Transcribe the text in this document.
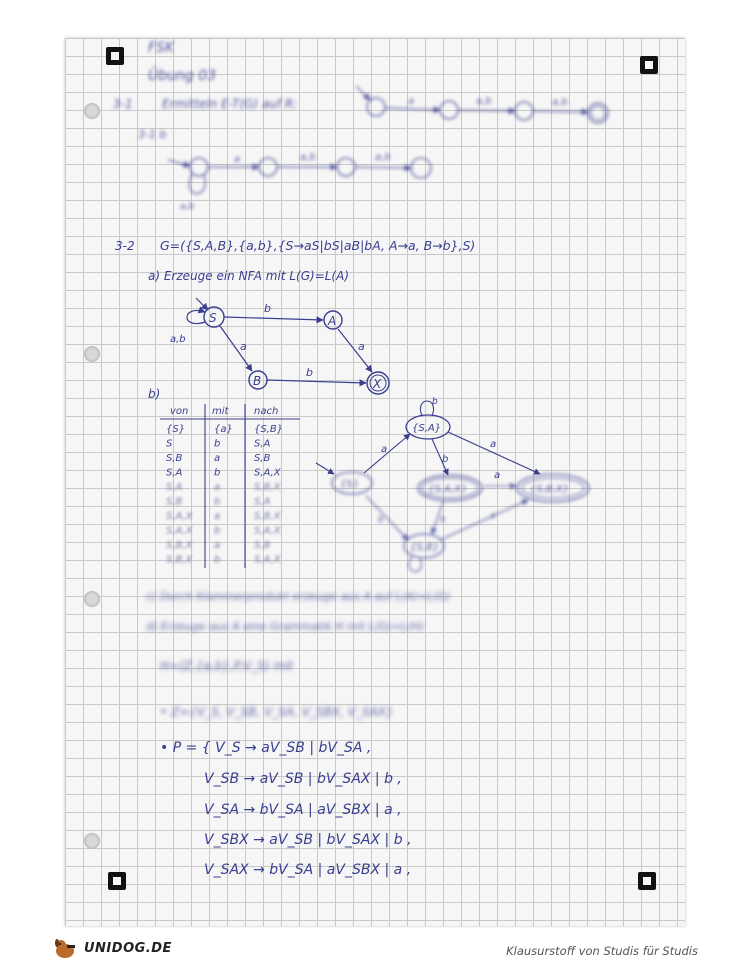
FSK
Übung 03
3-1 Ermitteln E-T(G) auf R:
3-1 b
a	a,b	a,b
a	a,b	a,b
a,b
3-2 G=({S,A,B},{a,b},{S→aS|bS|aB|bA, A→a, B→b},S)
a) Erzeuge ein NFA mit L(G)=L(A)
S
a,b
A
B	X
b
a
b
a
b)
von mit	nach
{S}	{a} {S,B}
S	b	S,A
S,B	a	S,B
S,A	b	S,A,X
S,A	a	S,B,X
S,B	b	S,A
S,A,X a	S,B,X
S,A,X b	S,A,X
S,B,X a	S,B
S,B,X b	S,A,X
{S,A}
b
{S}	{S,A,X}	{S,B,X}
{S,B}
b	b	a
a
b
a
a
c) Durch Klammerprodukt erzeuge aus A auf L(A)=L(G)
d) Erzeuge aus A eine Grammatik H mit L(G)=L(H)
H=(Z,{a,b},P,V_S) mit
• Z={V_S, V_SB, V_SA, V_SBX, V_SAX}
• P = { V_S → aV_SB | bV_SA ,
V_SB → aV_SB | bV_SAX | b ,
V_SA → bV_SA | aV_SBX | a ,
V_SBX → aV_SB | bV_SAX | b ,
V_SAX → bV_SA | aV_SBX | a ,
UNIDOG.DE	Klausurstoff von Studis für Studis
